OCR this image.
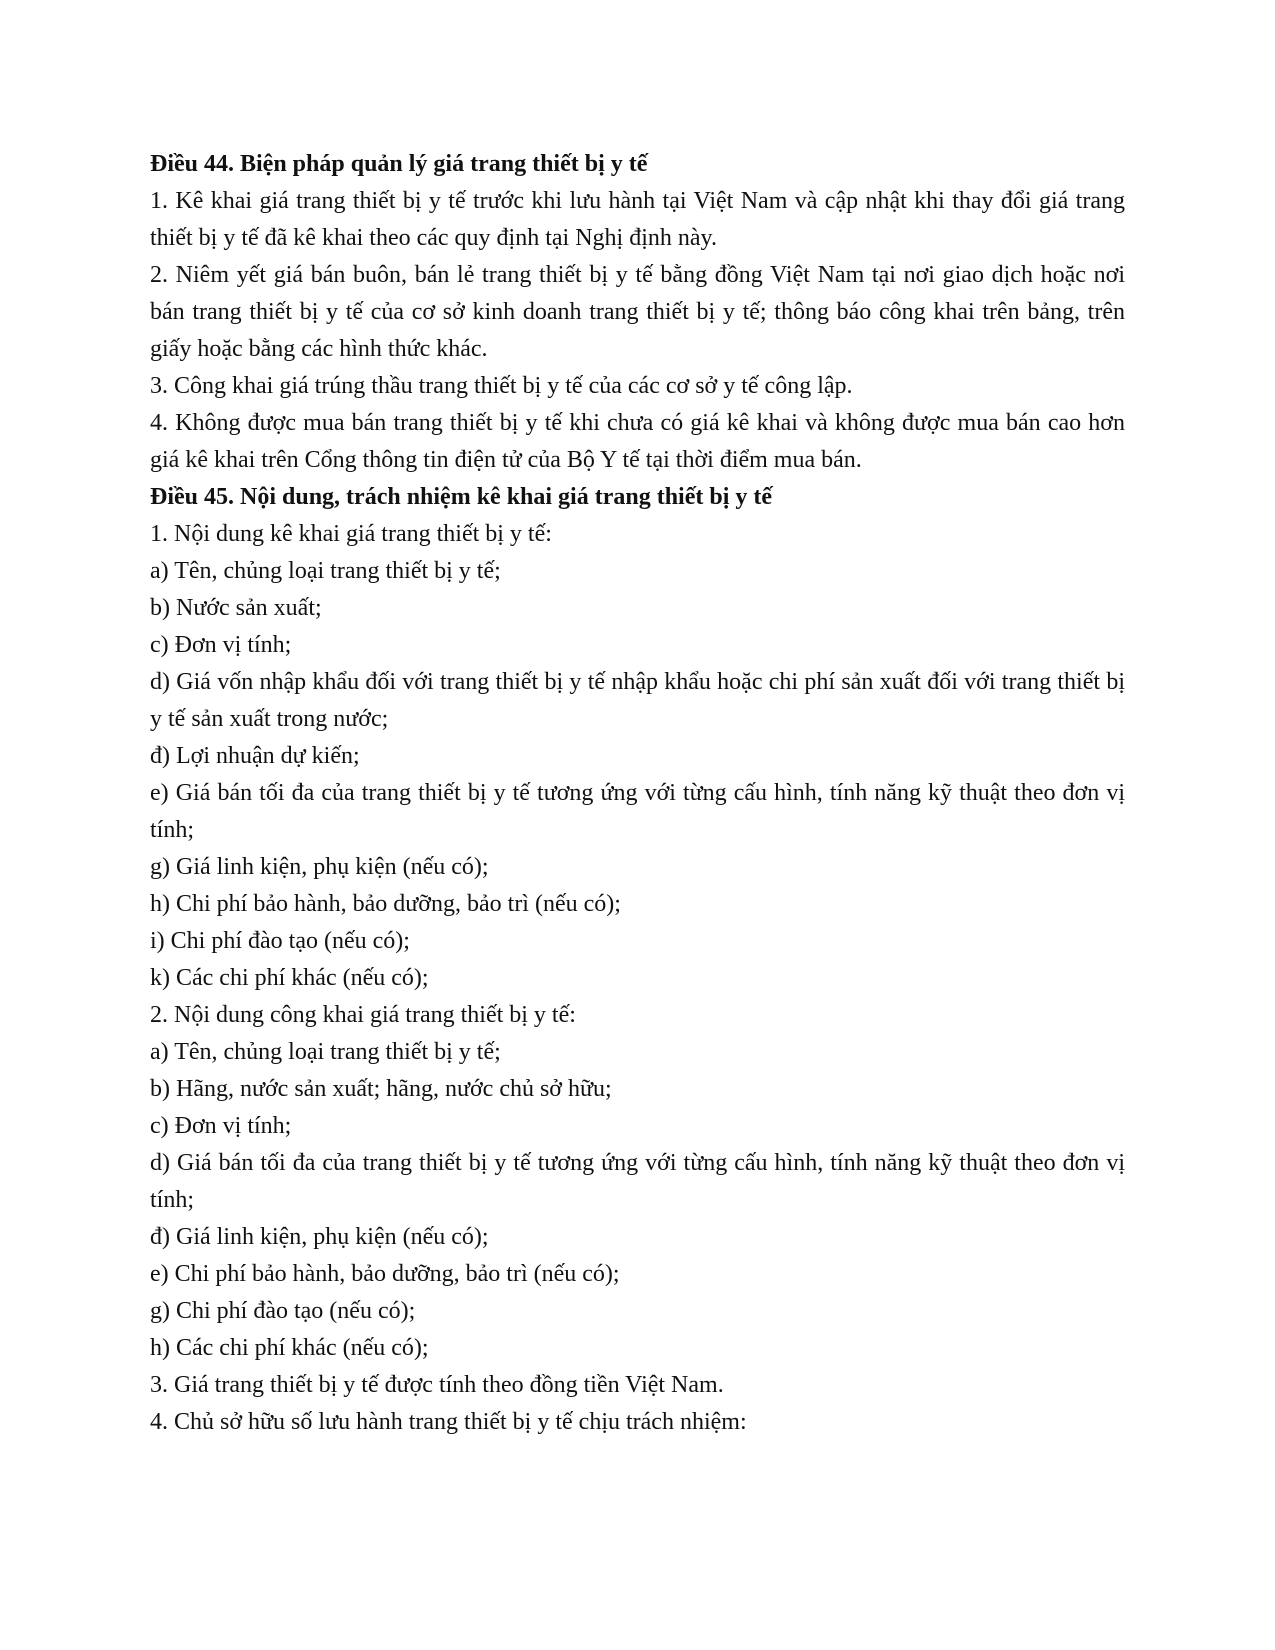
Điều 44. Biện pháp quản lý giá trang thiết bị y tế

1. Kê khai giá trang thiết bị y tế trước khi lưu hành tại Việt Nam và cập nhật khi thay đổi giá trang thiết bị y tế đã kê khai theo các quy định tại Nghị định này.

2. Niêm yết giá bán buôn, bán lẻ trang thiết bị y tế bằng đồng Việt Nam tại nơi giao dịch hoặc nơi bán trang thiết bị y tế của cơ sở kinh doanh trang thiết bị y tế; thông báo công khai trên bảng, trên giấy hoặc bằng các hình thức khác.

3. Công khai giá trúng thầu trang thiết bị y tế của các cơ sở y tế công lập.

4. Không được mua bán trang thiết bị y tế khi chưa có giá kê khai và không được mua bán cao hơn giá kê khai trên Cổng thông tin điện tử của Bộ Y tế tại thời điểm mua bán.

Điều 45. Nội dung, trách nhiệm kê khai giá trang thiết bị y tế

1. Nội dung kê khai giá trang thiết bị y tế:

a) Tên, chủng loại trang thiết bị y tế;

b) Nước sản xuất;

c) Đơn vị tính;

d) Giá vốn nhập khẩu đối với trang thiết bị y tế nhập khẩu hoặc chi phí sản xuất đối với trang thiết bị y tế sản xuất trong nước;

đ) Lợi nhuận dự kiến;

e) Giá bán tối đa của trang thiết bị y tế tương ứng với từng cấu hình, tính năng kỹ thuật theo đơn vị tính;

g) Giá linh kiện, phụ kiện (nếu có);

h) Chi phí bảo hành, bảo dưỡng, bảo trì (nếu có);

i) Chi phí đào tạo (nếu có);

k) Các chi phí khác (nếu có);

2. Nội dung công khai giá trang thiết bị y tế:

a) Tên, chủng loại trang thiết bị y tế;

b) Hãng, nước sản xuất; hãng, nước chủ sở hữu;

c) Đơn vị tính;

d) Giá bán tối đa của trang thiết bị y tế tương ứng với từng cấu hình, tính năng kỹ thuật theo đơn vị tính;

đ) Giá linh kiện, phụ kiện (nếu có);

e) Chi phí bảo hành, bảo dưỡng, bảo trì (nếu có);

g) Chi phí đào tạo (nếu có);

h) Các chi phí khác (nếu có);

3. Giá trang thiết bị y tế được tính theo đồng tiền Việt Nam.

4. Chủ sở hữu số lưu hành trang thiết bị y tế chịu trách nhiệm:
